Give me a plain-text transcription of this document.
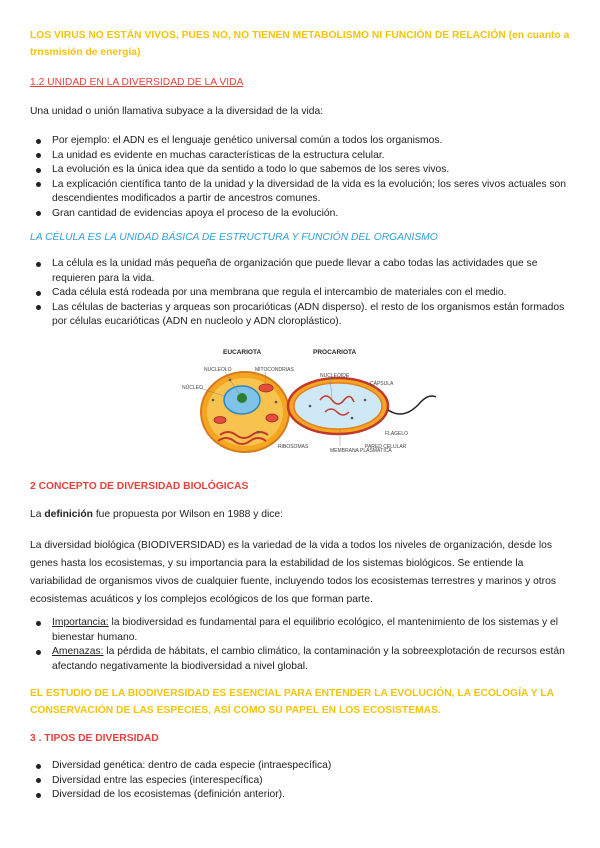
LOS VIRUS NO ESTÁN VIVOS, PUES NO, NO TIENEN METABOLISMO NI FUNCIÓN DE RELACIÓN (en cuanto a trnsmisión de energía)

1.2 UNIDAD EN LA DIVERSIDAD DE LA VIDA

Una unidad o unión llamativa subyace a la diversidad de la vida:

Por ejemplo: el ADN es el lenguaje genético universal común a todos los organismos.
La unidad es evidente en muchas características de la estructura celular.
La evolución es la única idea que da sentido a todo lo que sabemos de los seres vivos.
La explicación científica tanto de la unidad y la diversidad de la vida es la evolución; los seres vivos actuales son descendientes modificados a partir de ancestros comunes.
Gran cantidad de evidencias apoya el proceso de la evolución.

LA CÉLULA ES LA UNIDAD BÁSICA DE ESTRUCTURA Y FUNCIÓN DEL ORGANISMO

La célula es la unidad más pequeña de organización que puede llevar a cabo todas las actividades que se requieren para la vida.
Cada célula está rodeada por una membrana que regula el intercambio de materiales con el medio.
Las células de bacterias y arqueas son procarióticas (ADN disperso). el resto de los organismos están formados por células eucarióticas (ADN en nucleolo y ADN cloroplástico).
EUCARIOTA	PROCARIOTA
NUCLEOLO	MITOCONDRIAS
NÚCLEO
RIBOSOMAS
NUCLEOIDE
CÁPSULA
FLAGELO
MEMBRANA PLASMÁTICA
PARED CELULAR

2 CONCEPTO DE DIVERSIDAD BIOLÓGICAS

La definición fue propuesta por Wilson en 1988 y dice:

La diversidad biológica (BIODIVERSIDAD) es la variedad de la vida a todos los niveles de organización, desde los genes hasta los ecosistemas, y su importancia para la estabilidad de los sistemas biológicos. Se entiende la variabilidad de organismos vivos de cualquier fuente, incluyendo todos los ecosistemas terrestres y marinos y otros ecosistemas acuáticos y los complejos ecológicos de los que forman parte.

Importancia: la biodiversidad es fundamental para el equilibrio ecológico, el mantenimiento de los sistemas y el bienestar humano.
Amenazas: la pérdida de hábitats, el cambio climático, la contaminación y la sobreexplotación de recursos están afectando negativamente la biodiversidad a nivel global.

EL ESTUDIO DE LA BIODIVERSIDAD ES ESENCIAL PARA ENTENDER LA EVOLUCIÓN, LA ECOLOGÍA Y LA CONSERVACIÓN DE LAS ESPECIES, ASÍ COMO SU PAPEL EN LOS ECOSISTEMAS.

3 . TIPOS DE DIVERSIDAD

Diversidad genética: dentro de cada especie (intraespecífica)
Diversidad entre las especies (interespecífica)
Diversidad de los ecosistemas (definición anterior).
